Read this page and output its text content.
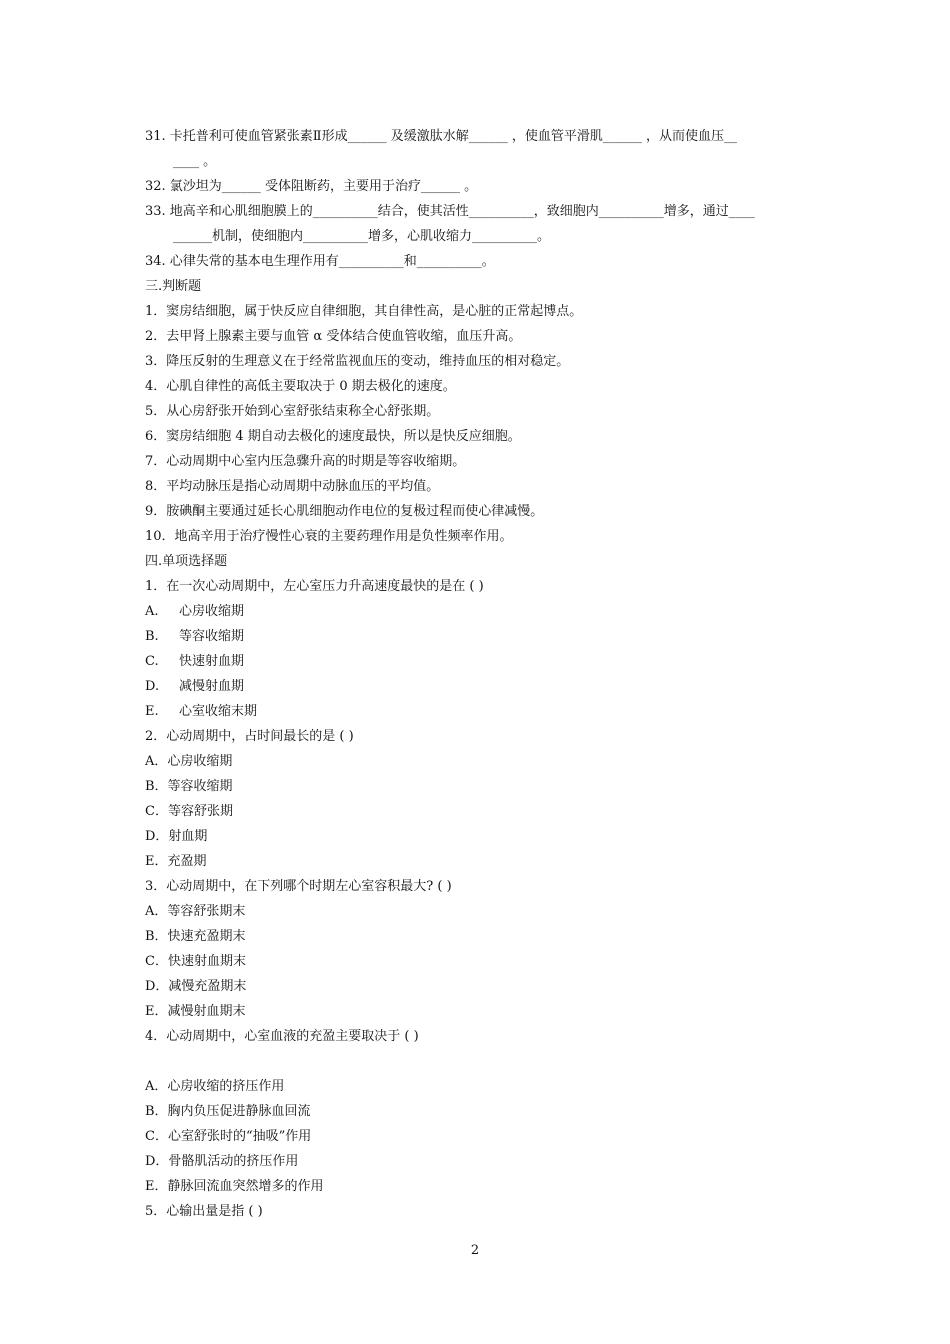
31. 卡托普利可使血管紧张素Ⅱ形成______ 及缓激肽水解______ ，使血管平滑肌______ ，从而使血压__
____ 。
32. 氯沙坦为______ 受体阻断药，主要用于治疗______ 。
33. 地高辛和心肌细胞膜上的__________结合，使其活性__________，致细胞内__________增多，通过____
______机制，使细胞内__________增多，心肌收缩力__________。
34. 心律失常的基本电生理作用有__________和__________。
三.判断题
1．窦房结细胞，属于快反应自律细胞，其自律性高，是心脏的正常起博点。
2．去甲肾上腺素主要与血管 α 受体结合使血管收缩，血压升高。
3．降压反射的生理意义在于经常监视血压的变动，维持血压的相对稳定。
4．心肌自律性的高低主要取决于 0 期去极化的速度。
5．从心房舒张开始到心室舒张结束称全心舒张期。
6．窦房结细胞 4 期自动去极化的速度最快，所以是快反应细胞。
7．心动周期中心室内压急骤升高的时期是等容收缩期。
8．平均动脉压是指心动周期中动脉血压的平均值。
9．胺碘酮主要通过延长心肌细胞动作电位的复极过程而使心律减慢。
10．地高辛用于治疗慢性心衰的主要药理作用是负性频率作用。
四.单项选择题
1．在一次心动周期中，左心室压力升高速度最快的是在 ( )
A. 心房收缩期
B. 等容收缩期
C. 快速射血期
D. 减慢射血期
E. 心室收缩末期
2．心动周期中，占时间最长的是 ( )
A．心房收缩期
B．等容收缩期
C．等容舒张期
D．射血期
E．充盈期
3．心动周期中，在下列哪个时期左心室容积最大? ( )
A．等容舒张期末
B．快速充盈期末
C．快速射血期末
D．减慢充盈期末
E．减慢射血期末
4．心动周期中，心室血液的充盈主要取决于 ( )
A．心房收缩的挤压作用
B．胸内负压促进静脉血回流
C．心室舒张时的“抽吸”作用
D．骨骼肌活动的挤压作用
E．静脉回流血突然增多的作用
5．心输出量是指 ( )
2
